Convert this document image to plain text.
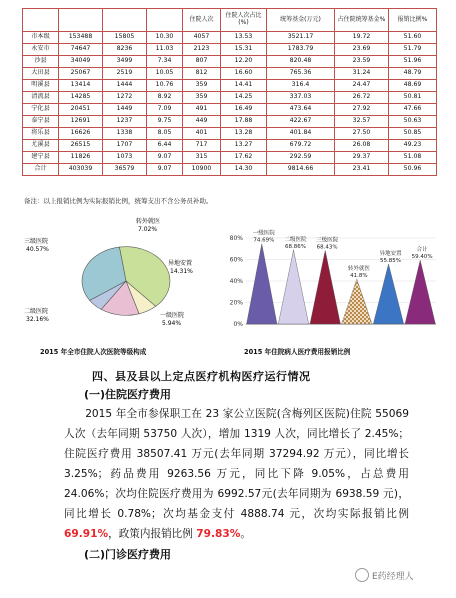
				住院人次	住院人次占比(%)	统筹基金(万元)	占住院统筹基金%	报销比例%
市本级	153488	15805	10.30	4057	13.53	3521.17	19.72	51.60
永安市	74647	8236	11.03	2123	15.31	1783.79	23.69	51.79
沙县	34049	3499	7.34	807	12.20	820.48	23.59	51.96
大田县	25067	2519	10.05	812	16.60	765.36	31.24	48.79
明溪县	13414	1444	10.76	359	14.41	316.4	24.47	48.69
清流县	14285	1272	8.92	359	14.25	337.03	26.72	50.81
宁化县	20451	1449	7.09	491	16.49	473.64	27.92	47.66
泰宁县	12691	1237	9.75	449	17.88	422.67	32.57	50.63
将乐县	16626	1338	8.05	401	13.28	401.84	27.50	50.85
尤溪县	26515	1707	6.44	717	13.27	679.72	26.08	49.23
建宁县	11826	1073	9.07	315	17.62	292.59	29.37	51.08
合计	403039	36579	9.07	10900	14.30	9814.66	23.41	50.96
备注：以上报销比例为实际报销比例，统筹支出不含公务员补助。
三级医院
40.57%
转外就医
7.02%
异地安置
14.31%
一级医院
5.94%
二级医院
32.16%
2015 年全市住院人次医院等级构成
80%
60%
40%
20%
0%
一级医院
74.69% 二级医院
68.86%
三级医院
68.43%
转外就医
41.8%
异地安置
55.85%
合计
59.40%
2015 年住院病人医疗费用报销比例
四、县及县以上定点医疗机构医疗运行情况
(一)住院医疗费用

2015 年全市参保职工在 23 家公立医院(含梅列区医院)住院 55069 人次（去年同期 53750 人次），增加 1319 人次，同比增长了 2.45%；住院医疗费用 38507.41 万元(去年同期 37294.92 万元），同比增长 3.25%；药品费用 9263.56 万元，同比下降 9.05%，占总费用 24.06%；次均住院医疗费用为 6992.57元(去年同期为 6938.59 元)，同比增长 0.78%；次均基金支付 4888.74 元，次均实际报销比例 69.91%，政策内报销比例 79.83%。

(二)门诊医疗费用
E药经理人
